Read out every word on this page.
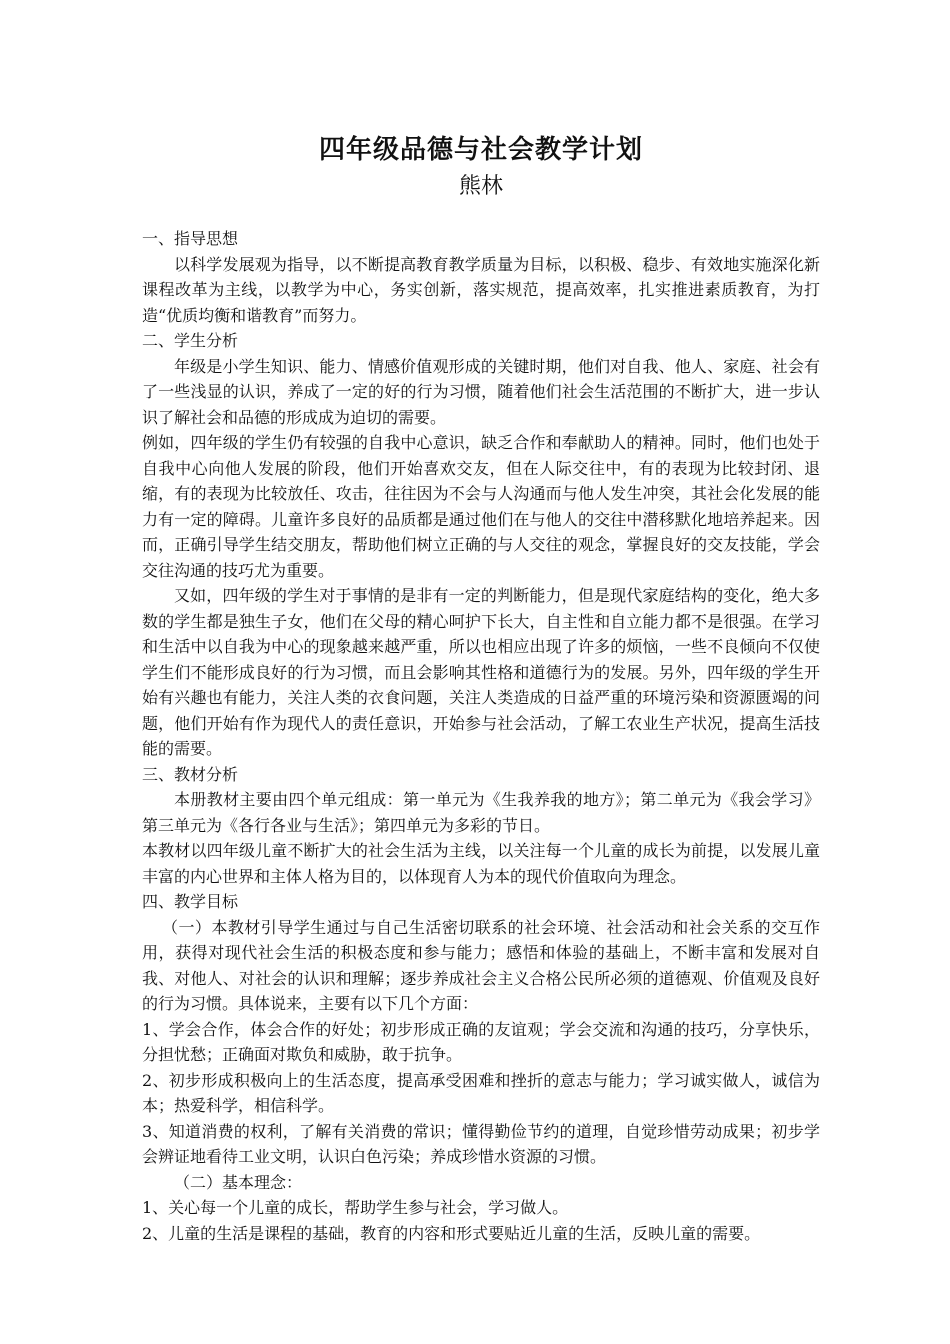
四年级品德与社会教学计划
熊林

一、指导思想

以科学发展观为指导，以不断提高教育教学质量为目标，以积极、稳步、有效地实施深化新课程改革为主线，以教学为中心，务实创新，落实规范，提高效率，扎实推进素质教育，为打造“优质均衡和谐教育”而努力。

二、学生分析

年级是小学生知识、能力、情感价值观形成的关键时期，他们对自我、他人、家庭、社会有了一些浅显的认识，养成了一定的好的行为习惯，随着他们社会生活范围的不断扩大，进一步认识了解社会和品德的形成成为迫切的需要。

例如，四年级的学生仍有较强的自我中心意识，缺乏合作和奉献助人的精神。同时，他们也处于自我中心向他人发展的阶段，他们开始喜欢交友，但在人际交往中，有的表现为比较封闭、退缩，有的表现为比较放任、攻击，往往因为不会与人沟通而与他人发生冲突，其社会化发展的能力有一定的障碍。儿童许多良好的品质都是通过他们在与他人的交往中潜移默化地培养起来。因而，正确引导学生结交朋友，帮助他们树立正确的与人交往的观念，掌握良好的交友技能，学会交往沟通的技巧尤为重要。

又如，四年级的学生对于事情的是非有一定的判断能力，但是现代家庭结构的变化，绝大多数的学生都是独生子女，他们在父母的精心呵护下长大，自主性和自立能力都不是很强。在学习和生活中以自我为中心的现象越来越严重，所以也相应出现了许多的烦恼，一些不良倾向不仅使学生们不能形成良好的行为习惯，而且会影响其性格和道德行为的发展。另外，四年级的学生开始有兴趣也有能力，关注人类的衣食问题，关注人类造成的日益严重的环境污染和资源匮竭的问题，他们开始有作为现代人的责任意识，开始参与社会活动，了解工农业生产状况，提高生活技能的需要。

三、教材分析

本册教材主要由四个单元组成：第一单元为《生我养我的地方》；第二单元为《我会学习》第三单元为《各行各业与生活》；第四单元为多彩的节日。

本教材以四年级儿童不断扩大的社会生活为主线，以关注每一个儿童的成长为前提，以发展儿童丰富的内心世界和主体人格为目的，以体现育人为本的现代价值取向为理念。

四、教学目标

（一）本教材引导学生通过与自己生活密切联系的社会环境、社会活动和社会关系的交互作用，获得对现代社会生活的积极态度和参与能力；感悟和体验的基础上，不断丰富和发展对自我、对他人、对社会的认识和理解；逐步养成社会主义合格公民所必须的道德观、价值观及良好的行为习惯。具体说来，主要有以下几个方面：

1、学会合作，体会合作的好处；初步形成正确的友谊观；学会交流和沟通的技巧，分享快乐，分担忧愁；正确面对欺负和威胁，敢于抗争。

2、初步形成积极向上的生活态度，提高承受困难和挫折的意志与能力；学习诚实做人，诚信为本；热爱科学，相信科学。

3、知道消费的权利，了解有关消费的常识；懂得勤俭节约的道理，自觉珍惜劳动成果；初步学会辨证地看待工业文明，认识白色污染；养成珍惜水资源的习惯。

（二）基本理念：

1、关心每一个儿童的成长，帮助学生参与社会，学习做人。

2、儿童的生活是课程的基础，教育的内容和形式要贴近儿童的生活，反映儿童的需要。
